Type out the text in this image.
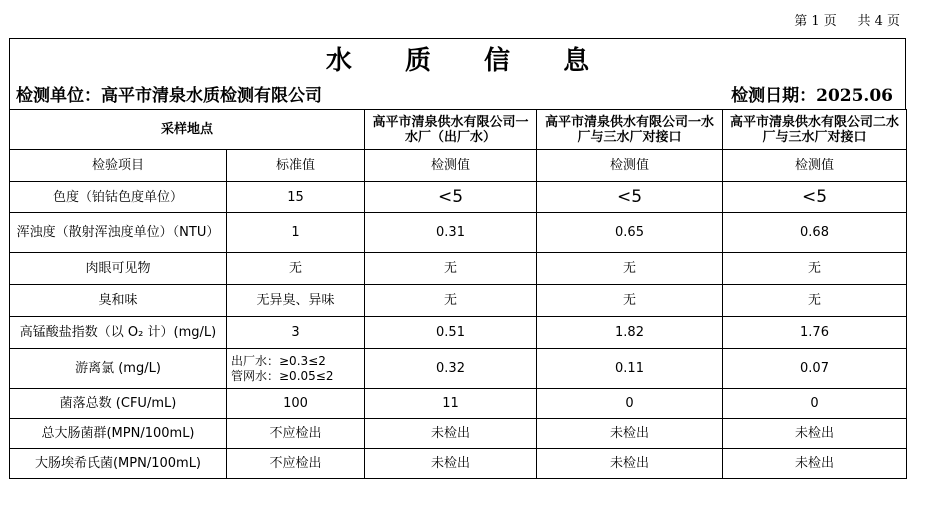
第 1 页     共 4 页
水 质 信 息
检测单位：高平市清泉水质检测有限公司	检测日期：2025.06
采样地点		高平市清泉供水有限公司一水厂（出厂水）	高平市清泉供水有限公司一水厂与三水厂对接口	高平市清泉供水有限公司二水厂与三水厂对接口
检验项目	标准值	检测值	检测值	检测值
色度（铂钴色度单位）	15	<5	<5	<5
浑浊度（散射浑浊度单位）（NTU）	1	0.31	0.65	0.68
肉眼可见物	无	无	无	无
臭和味	无异臭、异味	无	无	无
高锰酸盐指数（以 O₂ 计）(mg/L)	3	0.51	1.82	1.76
游离氯 (mg/L)	出厂水：≥0.3≤2
管网水：≥0.05≤2	0.32	0.11	0.07
菌落总数 (CFU/mL)	100	11	0	0
总大肠菌群(MPN/100mL)	不应检出	未检出	未检出	未检出
大肠埃希氏菌(MPN/100mL)	不应检出	未检出	未检出	未检出
